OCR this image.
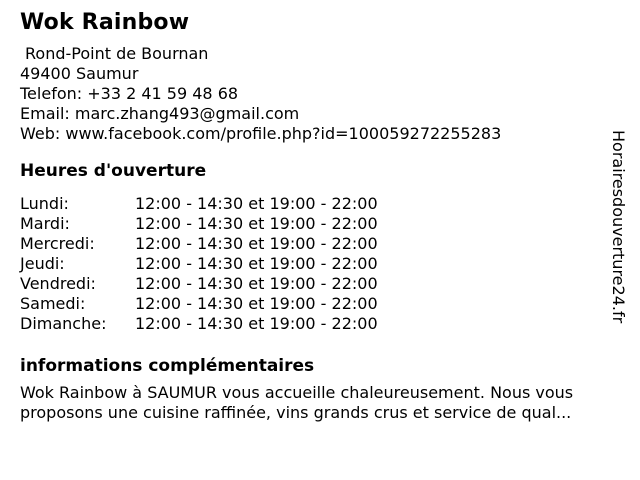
Wok Rainbow
Rond-Point de Bournan
49400 Saumur
Telefon: +33 2 41 59 48 68
Email: marc.zhang493@gmail.com
Web: www.facebook.com/profile.php?id=100059272255283
Heures d'ouverture
Lundi:	12:00 - 14:30 et 19:00 - 22:00
Mardi:	12:00 - 14:30 et 19:00 - 22:00
Mercredi:	12:00 - 14:30 et 19:00 - 22:00
Jeudi:	12:00 - 14:30 et 19:00 - 22:00
Vendredi:	12:00 - 14:30 et 19:00 - 22:00
Samedi:	12:00 - 14:30 et 19:00 - 22:00
Dimanche:	12:00 - 14:30 et 19:00 - 22:00
informations complémentaires

Wok Rainbow à SAUMUR vous accueille chaleureusement. Nous vous proposons une cuisine raffinée, vins grands crus et service de qual...

Horairesdouverture24.fr
